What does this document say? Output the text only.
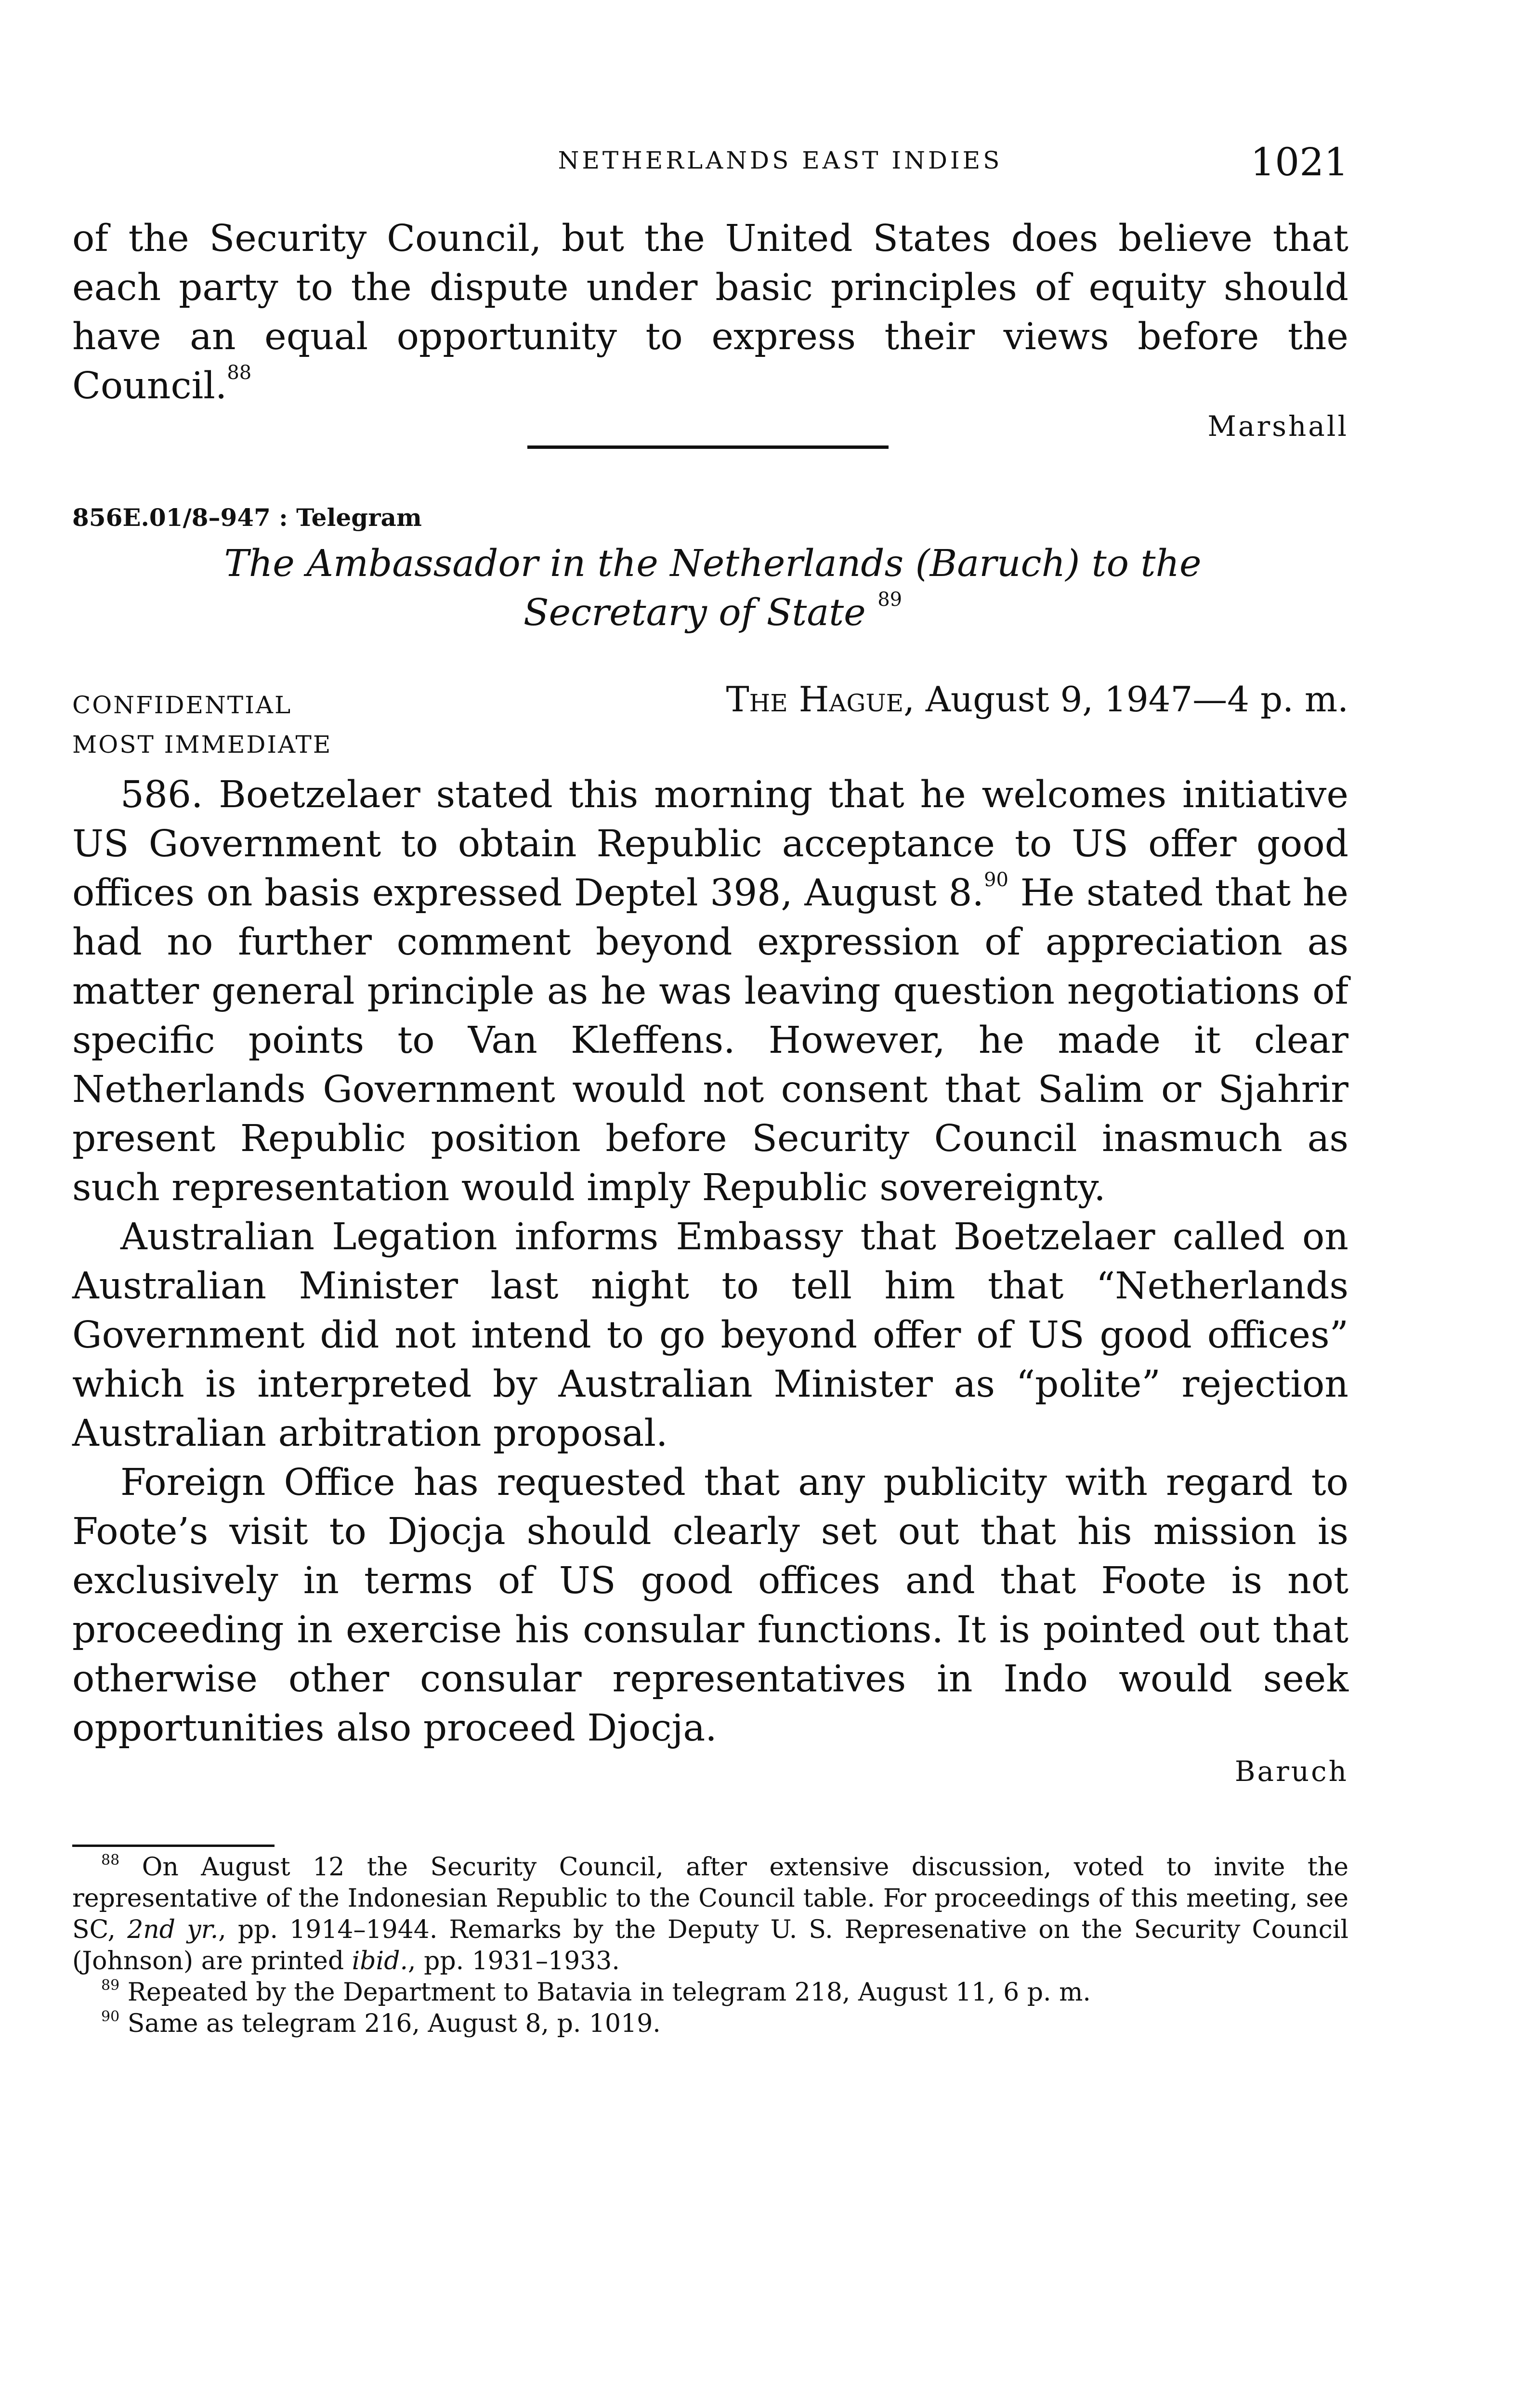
NETHERLANDS EAST INDIES	1021

of the Security Council, but the United States does believe that each party to the dispute under basic principles of equity should have an equal opportunity to express their views before the Council.$^{88}$

Marshall
856E.01/8–947 : Telegram
The Ambassador in the Netherlands (Baruch) to the
Secretary of State $^{89}$
CONFIDENTIAL
MOST IMMEDIATE
The Hague, August 9, 1947—4 p. m.

586. Boetzelaer stated this morning that he welcomes initiative US Government to obtain Republic acceptance to US offer good offices on basis expressed Deptel 398, August 8.90 He stated that he had no further comment beyond expression of appreciation as matter general principle as he was leaving question negotiations of specific points to Van Kleffens. However, he made it clear Netherlands Government would not consent that Salim or Sjahrir present Republic position before Security Council inasmuch as such representation would imply Republic sovereignty.

Australian Legation informs Embassy that Boetzelaer called on Australian Minister last night to tell him that “Netherlands Government did not intend to go beyond offer of US good offices” which is interpreted by Australian Minister as “polite” rejection Australian arbitration proposal.

Foreign Office has requested that any publicity with regard to Foote’s visit to Djocja should clearly set out that his mission is exclusively in terms of US good offices and that Foote is not proceeding in exercise his consular functions. It is pointed out that otherwise other consular representatives in Indo would seek opportunities also proceed Djocja.

Baruch

$^{88}$ On August 12 the Security Council, after extensive discussion, voted to invite the representative of the Indonesian Republic to the Council table. For proceedings of this meeting, see SC, 2nd yr., pp. 1914–1944. Remarks by the Deputy U. S. Represenative on the Security Council (Johnson) are printed ibid., pp. 1931–1933.

$^{89}$ Repeated by the Department to Batavia in telegram 218, August 11, 6 p. m.

$^{90}$ Same as telegram 216, August 8, p. 1019.
